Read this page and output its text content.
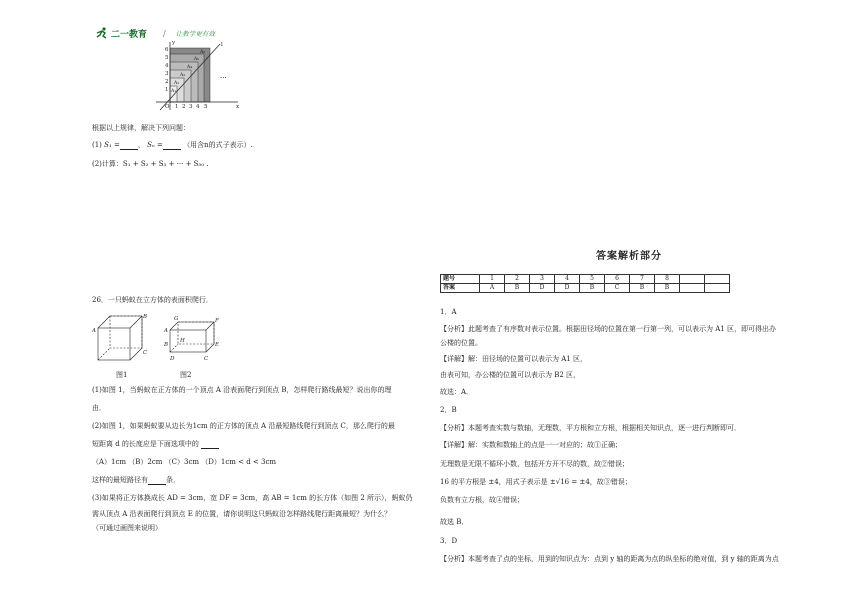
二一教育 / 让教学更有效
6
5
4
3
2
1
O 1 2 3 4 5
y
x
l
A₆
A₅
A₄
A₃
A₂
A₁
···
根据以上规律，解决下列问题：
(1) S₁ =	， Sₙ =	（用含n的式子表示）.
(2)计算：S₁ + S₂ + S₃ + ··· + S₅₀ .
26．一只蚂蚁在立方体的表面积爬行．
A
B
C
G	F
A
B
H
E
D	C
图1	图2
(1)如图 1，当蚂蚁在正方体的一个顶点 A 沿表面爬行到顶点 B，怎样爬行路线最短？说出你的理
由．
(2)如图 1，如果蚂蚁要从边长为1cm 的正方体的顶点 A 沿最短路线爬行到顶点 C，那么爬行的最
短距离 d 的长度应是下面选项中的
（A）1cm （B）2cm （C）3cm （D）1cm < d < 3cm
这样的最短路径有	条．
(3)如果将正方体换成长 AD = 3cm，宽 DF = 3cm，高 AB = 1cm 的长方体（如图 2 所示），蚂蚁仍
需从顶点 A 沿表面爬行到顶点 E 的位置，请你说明这只蚂蚁沿怎样路线爬行距离最短？为什么？
（可通过画图来说明）
答案解析部分
题号	1	2	3	4	5	6	7	8		
答案	A	B	D	D	B	C	B	B		
1．A
【分析】此题考查了有序数对表示位置。根据田径场的位置在第一行第一列，可以表示为 A1 区，即可得出办
公楼的位置。
【详解】解：田径场的位置可以表示为 A1 区，
由表可知，办公楼的位置可以表示为 B2 区，
故选：A．
2．B
【分析】本题考查实数与数轴，无理数，平方根和立方根，根据相关知识点，逐一进行判断即可．
【详解】解：实数和数轴上的点是一一对应的；故①正确；
无理数是无限不循环小数，包括开方开不尽的数，故②错误；
16 的平方根是 ±4，用式子表示是 ±√16 = ±4，故③错误；
负数有立方根，故④错误；
故选 B．
3．D
【分析】本题考查了点的坐标，用到的知识点为：点到 y 轴的距离为点的纵坐标的绝对值，到 y 轴的距离为点
